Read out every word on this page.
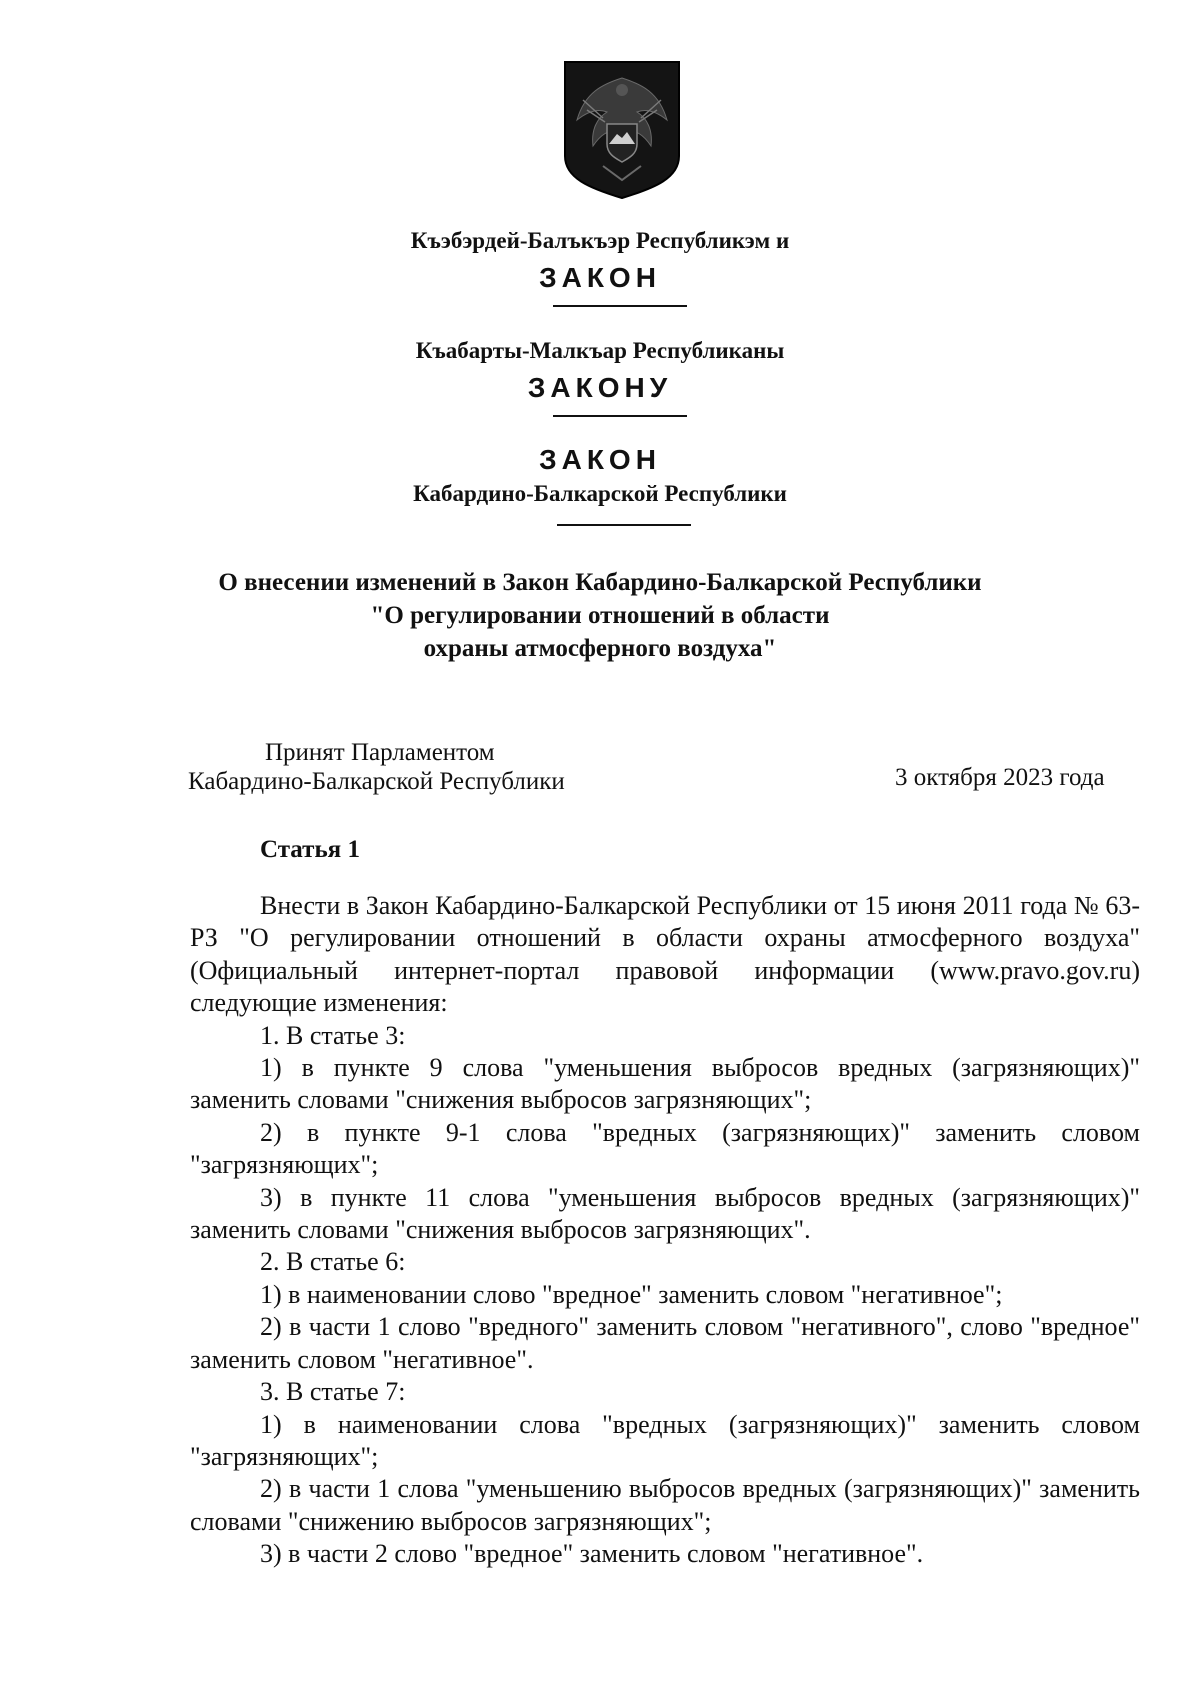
Къэбэрдей-Балъкъэр Республикэм и
ЗАКОН
Къабарты-Малкъар Республиканы
ЗАКОНУ
ЗАКОН
Кабардино-Балкарской Республики
О внесении изменений в Закон Кабардино-Балкарской Республики
"О регулировании отношений в области
охраны атмосферного воздуха"
Принят Парламентом
Кабардино-Балкарской Республики	3 октября 2023 года
Статья 1

Внести в Закон Кабардино-Балкарской Республики от 15 июня 2011 года № 63-РЗ "О регулировании отношений в области охраны атмосферного воздуха" (Официальный интернет-портал правовой информации (www.pravo.gov.ru) следующие изменения:

1. В статье 3:

1) в пункте 9 слова "уменьшения выбросов вредных (загрязняющих)" заменить словами "снижения выбросов загрязняющих";

2) в пункте 9-1 слова "вредных (загрязняющих)" заменить словом "загрязняющих";

3) в пункте 11 слова "уменьшения выбросов вредных (загрязняющих)" заменить словами "снижения выбросов загрязняющих".

2. В статье 6:

1) в наименовании слово "вредное" заменить словом "негативное";

2) в части 1 слово "вредного" заменить словом "негативного", слово "вредное" заменить словом "негативное".

3. В статье 7:

1) в наименовании слова "вредных (загрязняющих)" заменить словом "загрязняющих";

2) в части 1 слова "уменьшению выбросов вредных (загрязняющих)" заменить словами "снижению выбросов загрязняющих";

3) в части 2 слово "вредное" заменить словом "негативное".
